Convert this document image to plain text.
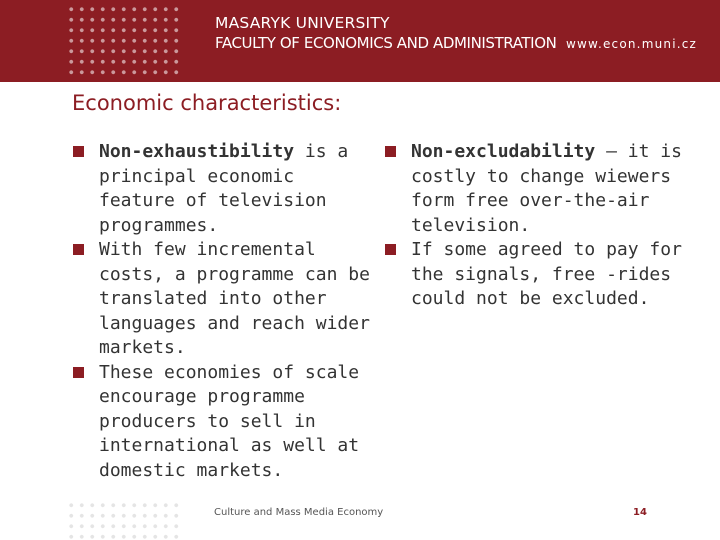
MASARYK UNIVERSITY
FACULTY OF ECONOMICS AND ADMINISTRATION www.econ.muni.cz
Economic characteristics:
Non-exhaustibility is a principal economic feature of television programmes.
With few incremental costs, a programme can be translated into other languages and reach wider markets.
These economies of scale encourage programme producers to sell in international as well at domestic markets.
Non-excludability – it is costly to change wiewers form free over-the-air television.
If some agreed to pay for the signals, free -rides could not be excluded.
Culture and Mass Media Economy	14
